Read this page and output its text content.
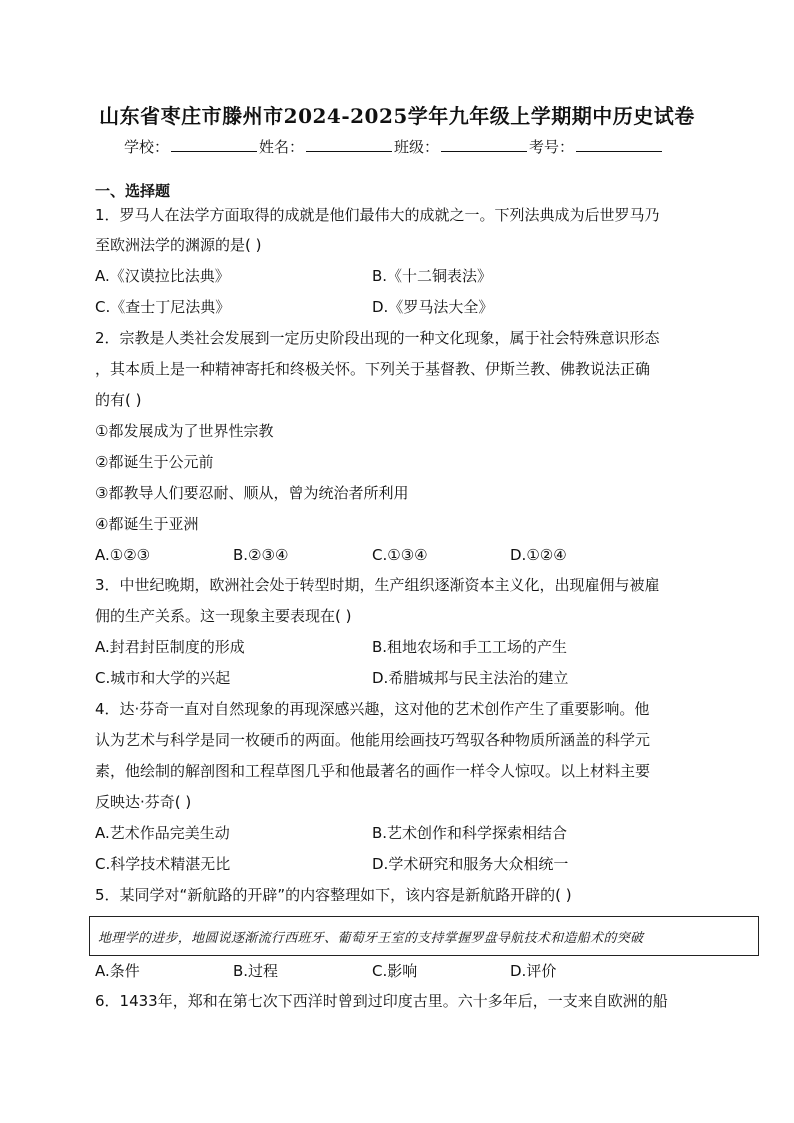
山东省枣庄市滕州市2024-2025学年九年级上学期期中历史试卷
学校：	姓名：	班级：	考号：
一、选择题
1．罗马人在法学方面取得的成就是他们最伟大的成就之一。下列法典成为后世罗马乃
至欧洲法学的渊源的是( )
A.《汉谟拉比法典》	B.《十二铜表法》
C.《查士丁尼法典》	D.《罗马法大全》
2．宗教是人类社会发展到一定历史阶段出现的一种文化现象，属于社会特殊意识形态
，其本质上是一种精神寄托和终极关怀。下列关于基督教、伊斯兰教、佛教说法正确
的有( )
①都发展成为了世界性宗教
②都诞生于公元前
③都教导人们要忍耐、顺从，曾为统治者所利用
④都诞生于亚洲
A.①②③	B.②③④	C.①③④	D.①②④
3．中世纪晚期，欧洲社会处于转型时期，生产组织逐渐资本主义化，出现雇佣与被雇
佣的生产关系。这一现象主要表现在( )
A.封君封臣制度的形成	B.租地农场和手工工场的产生
C.城市和大学的兴起	D.希腊城邦与民主法治的建立
4．达·芬奇一直对自然现象的再现深感兴趣，这对他的艺术创作产生了重要影响。他
认为艺术与科学是同一枚硬币的两面。他能用绘画技巧驾驭各种物质所涵盖的科学元
素，他绘制的解剖图和工程草图几乎和他最著名的画作一样令人惊叹。以上材料主要
反映达·芬奇( )
A.艺术作品完美生动	B.艺术创作和科学探索相结合
C.科学技术精湛无比	D.学术研究和服务大众相统一
5．某同学对“新航路的开辟”的内容整理如下，该内容是新航路开辟的( )
地理学的进步，地圆说逐渐流行西班牙、葡萄牙王室的支持掌握罗盘导航技术和造船术的突破
A.条件	B.过程	C.影响	D.评价
6．1433年，郑和在第七次下西洋时曾到过印度古里。六十多年后，一支来自欧洲的船
